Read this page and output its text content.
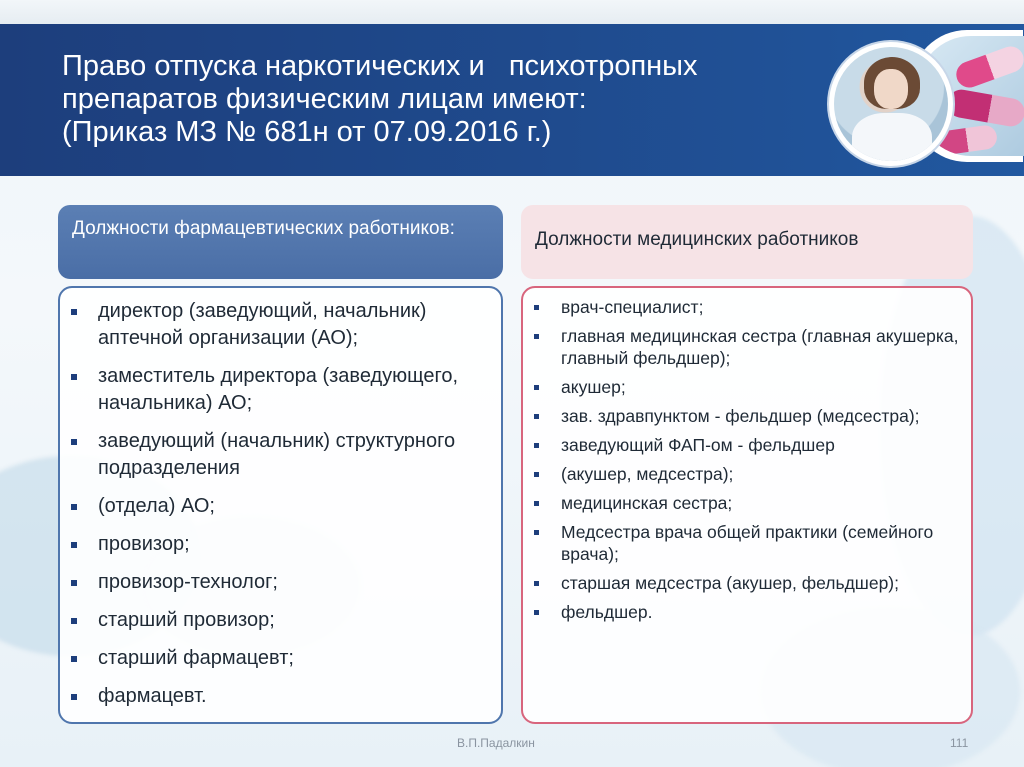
Право отпуска наркотических и   психотропных
препаратов физическим лицам имеют:
(Приказ МЗ № 681н от 07.09.2016 г.)
Должности фармацевтических работников:
Должности медицинских работников
директор (заведующий, начальник) аптечной организации (АО);
заместитель директора (заведующего, начальника) АО;
заведующий (начальник) структурного подразделения
(отдела) АО;
провизор;
провизор-технолог;
старший провизор;
старший фармацевт;
фармацевт.
врач-специалист;
главная медицинская сестра (главная акушерка, главный фельдшер);
акушер;
зав. здравпунктом - фельдшер (медсестра);
заведующий ФАП-ом - фельдшер
(акушер, медсестра);
медицинская сестра;
Медсестра врача общей практики (семейного врача);
старшая медсестра (акушер, фельдшер);
фельдшер.
В.П.Падалкин	111
